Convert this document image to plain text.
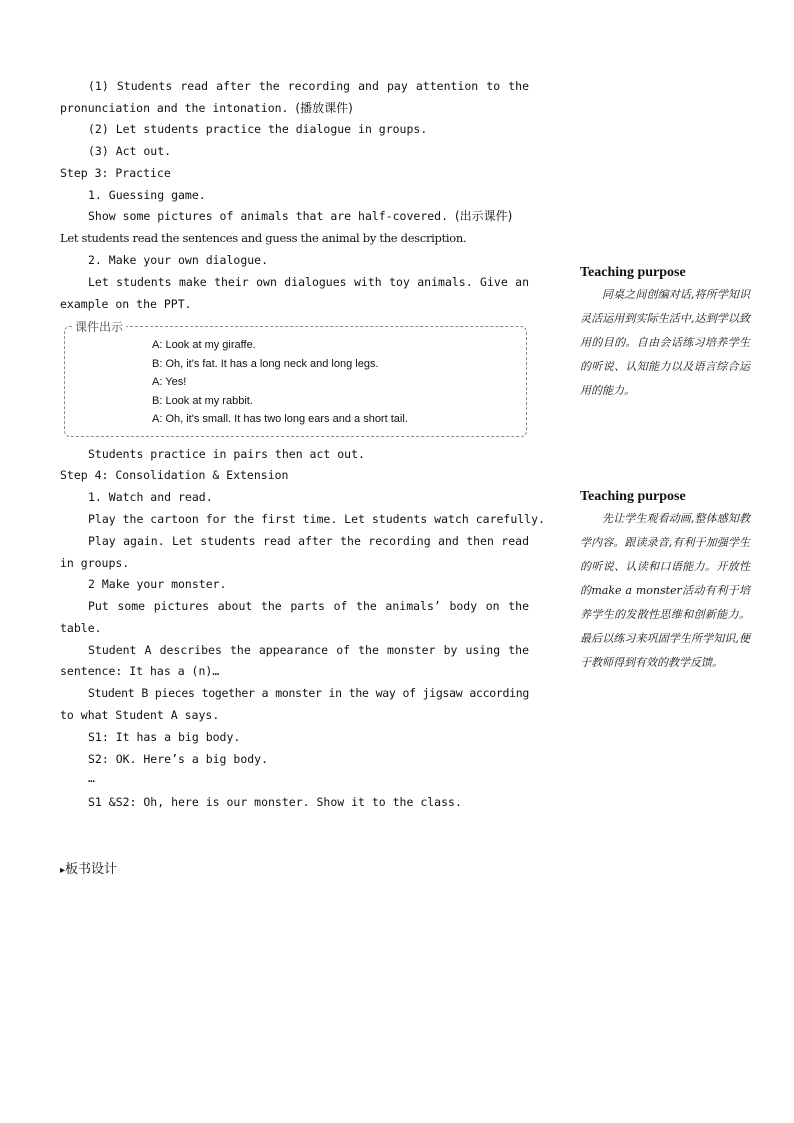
(1) Students read after the recording and pay attention to the
pronunciation and the intonation. (播放课件)
(2) Let students practice the dialogue in groups.
(3) Act out.
Step 3: Practice
1. Guessing game.
Show some pictures of animals that are half-covered. (出示课件)
Let students read the sentences and guess the animal by the description.
2. Make your own dialogue.
Let students make their own dialogues with toy animals. Give an
example on the PPT.
课件出示
A: Look at my giraffe.
B: Oh, it's fat. It has a long neck and long legs.
A: Yes!
B: Look at my rabbit.
A: Oh, it's small. It has two long ears and a short tail.
Students practice in pairs then act out.
Step 4: Consolidation & Extension
1. Watch and read.
Play the cartoon for the first time. Let students watch carefully.
Play again. Let students read after the recording and then read
in groups.
2 Make your monster.
Put some pictures about the parts of the animals’ body on the
table.
Student A describes the appearance of the monster by using the
sentence: It has a (n)…
Student B pieces together a monster in the way of jigsaw according
to what Student A says.
S1: It has a big body.
S2: OK. Here’s a big body.
…
S1 &S2: Oh, here is our monster. Show it to the class.
Teaching purpose
同桌之间创编对话,将所学知识灵活运用到实际生活中,达到学以致用的目的。自由会话练习培养学生的听说、认知能力以及语言综合运用的能力。
Teaching purpose
先让学生观看动画,整体感知教学内容。跟读录音,有利于加强学生的听说、认读和口语能力。开放性的make a monster活动有利于培养学生的发散性思维和创新能力。最后以练习来巩固学生所学知识,便于教师得到有效的教学反馈。
▸板书设计
